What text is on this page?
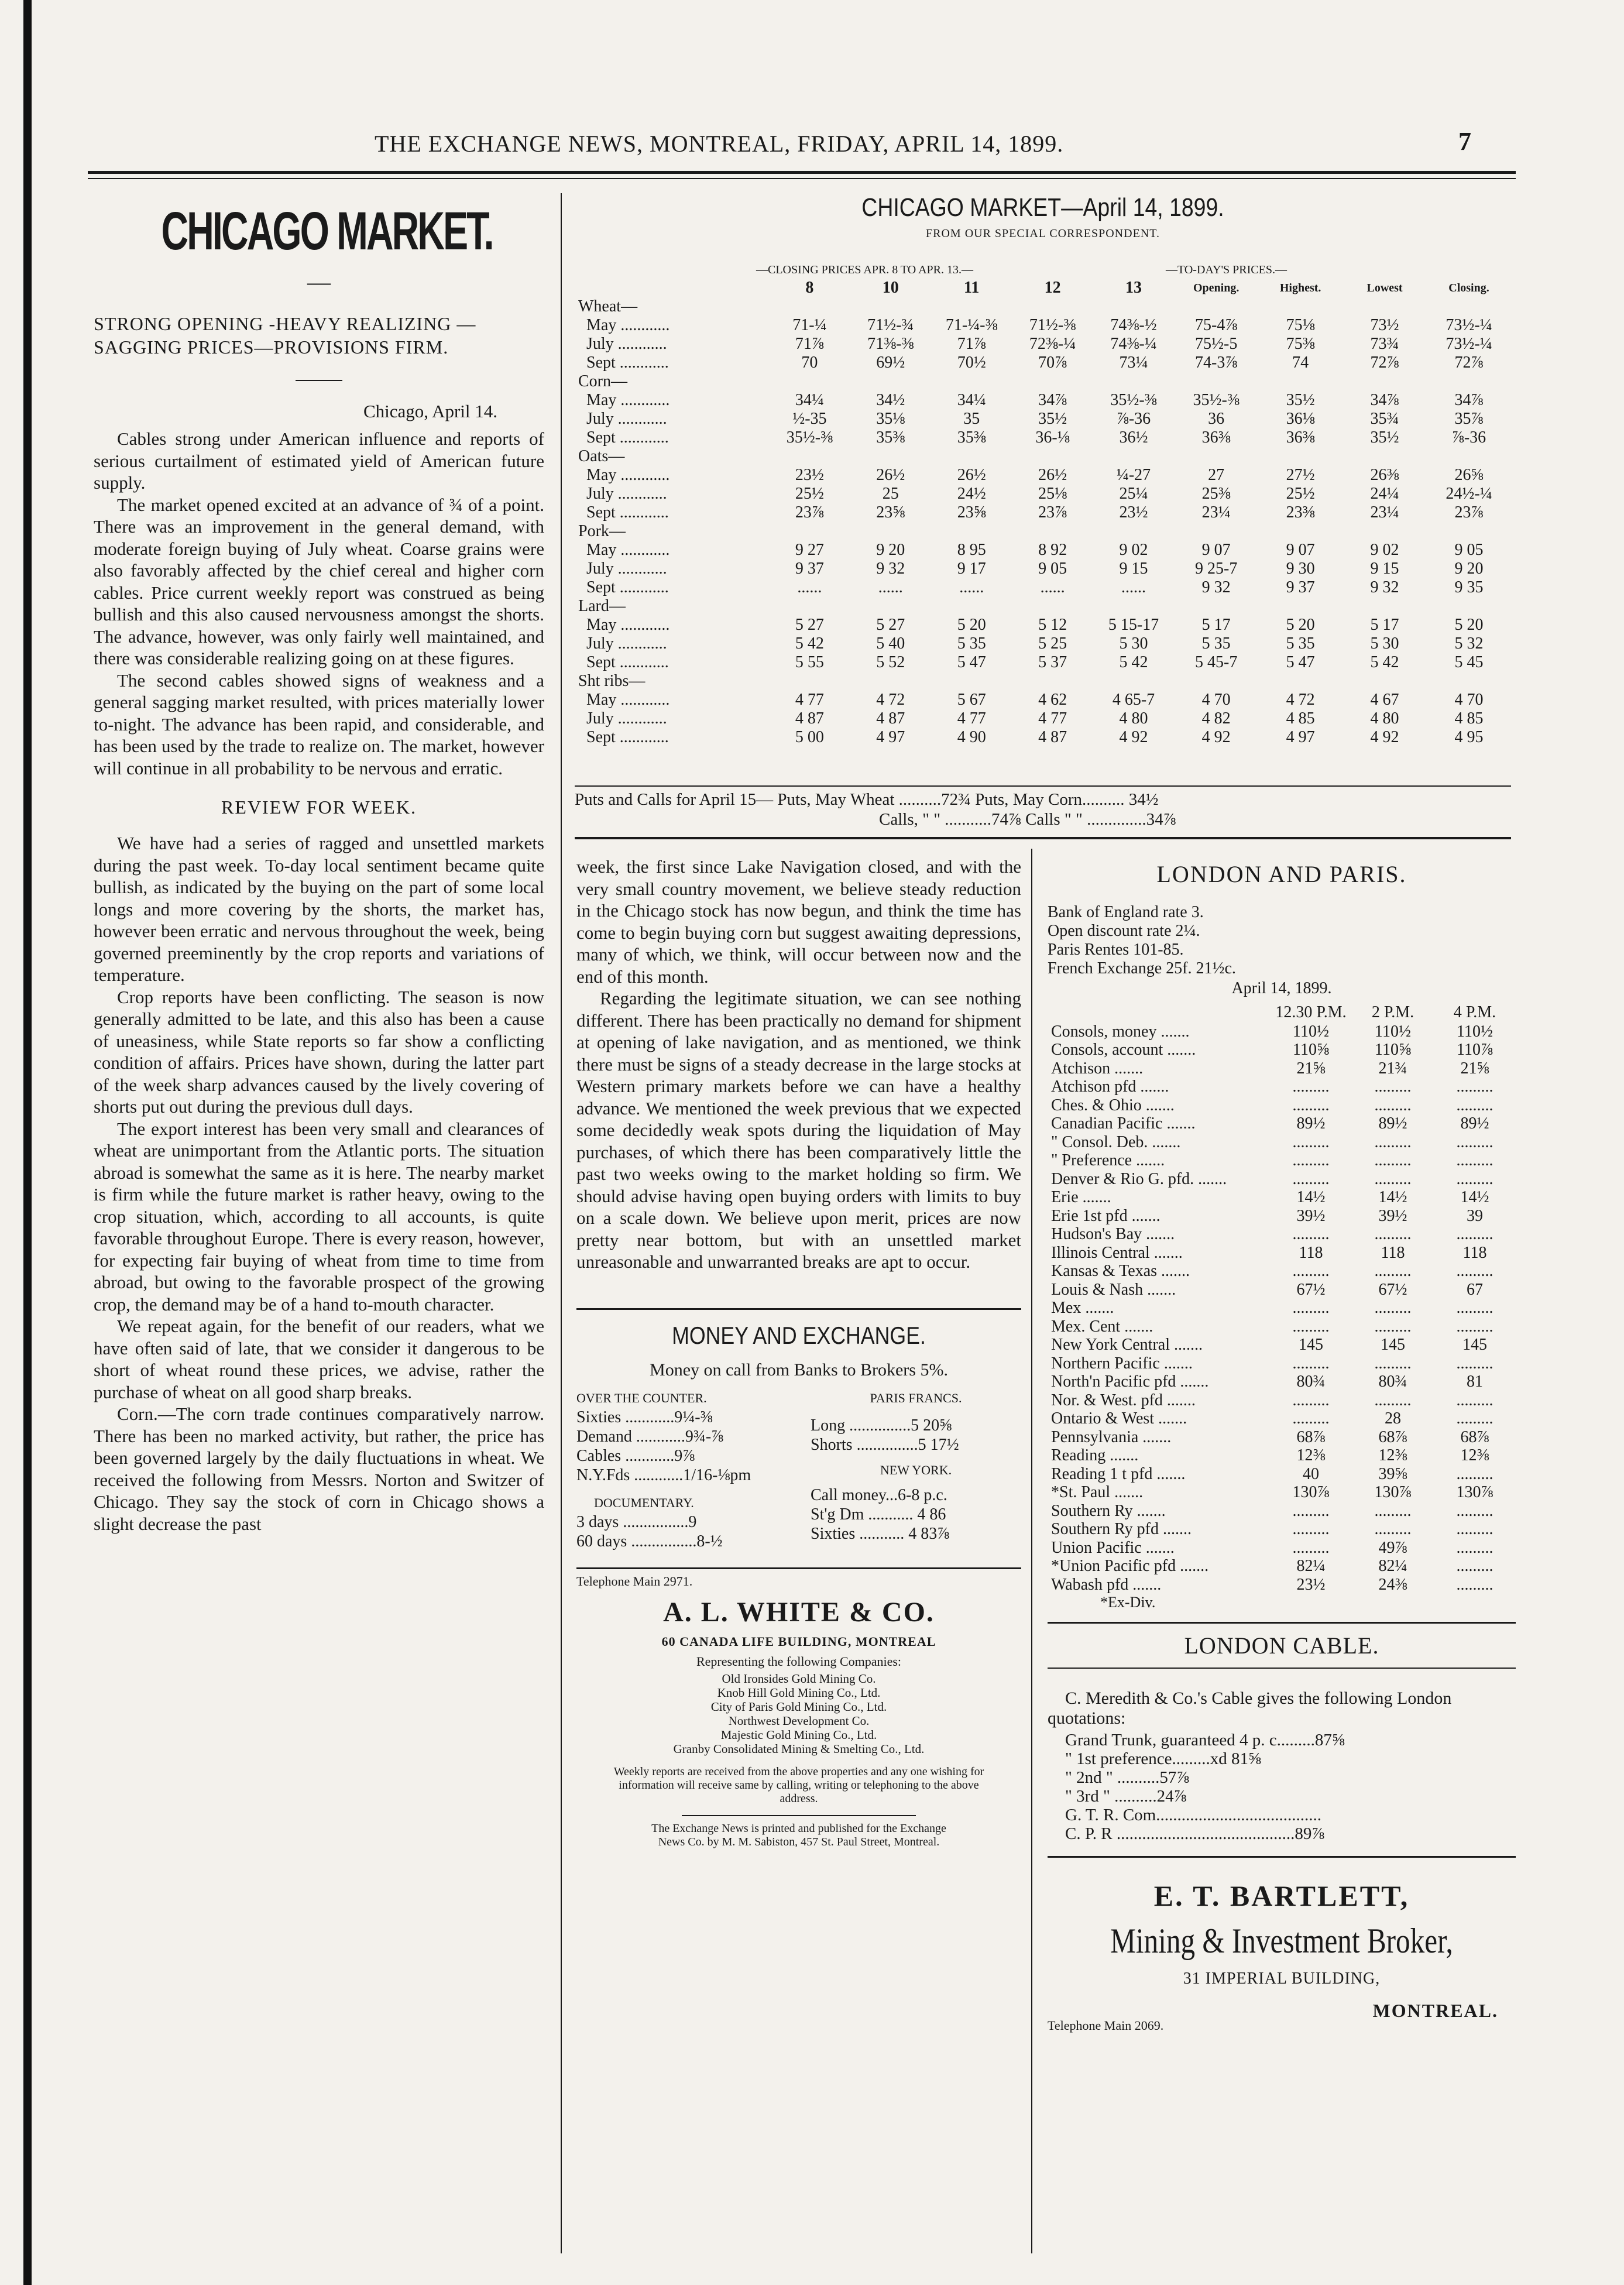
THE EXCHANGE NEWS, MONTREAL, FRIDAY, APRIL 14, 1899.	7
CHICAGO MARKET.
—
STRONG OPENING -HEAVY REALIZING — SAGGING PRICES—PROVISIONS FIRM.
Chicago, April 14.

Cables strong under American influence and reports of serious curtailment of estimated yield of American future supply.

The market opened excited at an advance of ¾ of a point. There was an improvement in the general demand, with moderate foreign buying of July wheat. Coarse grains were also favorably affected by the chief cereal and higher corn cables. Price current weekly report was construed as being bullish and this also caused nervousness amongst the shorts. The advance, however, was only fairly well maintained, and there was considerable realizing going on at these figures.

The second cables showed signs of weakness and a general sagging market resulted, with prices materially lower to-night. The advance has been rapid, and considerable, and has been used by the trade to realize on. The market, however will continue in all probability to be nervous and erratic.

REVIEW FOR WEEK.

We have had a series of ragged and unsettled markets during the past week. To-day local sentiment became quite bullish, as indicated by the buying on the part of some local longs and more covering by the shorts, the market has, however been erratic and nervous throughout the week, being governed preeminently by the crop reports and variations of temperature.

Crop reports have been conflicting. The season is now generally admitted to be late, and this also has been a cause of uneasiness, while State reports so far show a conflicting condition of affairs. Prices have shown, during the latter part of the week sharp advances caused by the lively covering of shorts put out during the previous dull days.

The export interest has been very small and clearances of wheat are unimportant from the Atlantic ports. The situation abroad is somewhat the same as it is here. The nearby market is firm while the future market is rather heavy, owing to the crop situation, which, according to all accounts, is quite favorable throughout Europe. There is every reason, however, for expecting fair buying of wheat from time to time from abroad, but owing to the favorable prospect of the growing crop, the demand may be of a hand to-mouth character.

We repeat again, for the benefit of our readers, what we have often said of late, that we consider it dangerous to be short of wheat round these prices, we advise, rather the purchase of wheat on all good sharp breaks.

Corn.—The corn trade continues comparatively narrow. There has been no marked activity, but rather, the price has been governed largely by the daily fluctuations in wheat. We received the following from Messrs. Norton and Switzer of Chicago. They say the stock of corn in Chicago shows a slight decrease the past

CHICAGO MARKET—April 14, 1899.
FROM OUR SPECIAL CORRESPONDENT.
—CLOSING PRICES APR. 8 TO APR. 13.—	—TO-DAY'S PRICES.—
	8	10	11	12	13	Opening.	Highest.	Lowest	Closing.
Wheat—									
May ............	71-¼	71½-¾	71-¼-⅜	71½-⅜	74⅜-½	75-4⅞	75⅛	73½	73½-¼
July ............	71⅞	71⅜-⅜	71⅞	72⅜-¼	74⅜-¼	75½-5	75⅜	73¾	73½-¼
Sept ............	70	69½	70½	70⅞	73¼	74-3⅞	74	72⅞	72⅞
Corn—									
May ............	34¼	34½	34¼	34⅞	35½-⅜	35½-⅜	35½	34⅞	34⅞
July ............	½-35	35⅛	35	35½	⅞-36	36	36⅛	35¾	35⅞
Sept ............	35½-⅜	35⅜	35⅜	36-⅛	36½	36⅜	36⅜	35½	⅞-36
Oats—									
May ............	23½	26½	26½	26½	¼-27	27	27½	26⅜	26⅝
July ............	25½	25	24½	25⅛	25¼	25⅜	25½	24¼	24½-¼
Sept ............	23⅞	23⅝	23⅝	23⅞	23½	23¼	23⅜	23¼	23⅞
Pork—									
May ............	9 27	9 20	8 95	8 92	9 02	9 07	9 07	9 02	9 05
July ............	9 37	9 32	9 17	9 05	9 15	9 25-7	9 30	9 15	9 20
Sept ............	......	......	......	......	......	9 32	9 37	9 32	9 35
Lard—									
May ............	5 27	5 27	5 20	5 12	5 15-17	5 17	5 20	5 17	5 20
July ............	5 42	5 40	5 35	5 25	5 30	5 35	5 35	5 30	5 32
Sept ............	5 55	5 52	5 47	5 37	5 42	5 45-7	5 47	5 42	5 45
Sht ribs—									
May ............	4 77	4 72	5 67	4 62	4 65-7	4 70	4 72	4 67	4 70
July ............	4 87	4 87	4 77	4 77	4 80	4 82	4 85	4 80	4 85
Sept ............	5 00	4 97	4 90	4 87	4 92	4 92	4 97	4 92	4 95
Puts and Calls for April 15— Puts, May Wheat ..........72¾ Puts, May Corn.......... 34½
Calls, " " ...........74⅞ Calls " " ..............34⅞

week, the first since Lake Navigation closed, and with the very small country movement, we believe steady reduction in the Chicago stock has now begun, and think the time has come to begin buying corn but suggest awaiting depressions, many of which, we think, will occur between now and the end of this month.

Regarding the legitimate situation, we can see nothing different. There has been practically no demand for shipment at opening of lake navigation, and as mentioned, we think there must be signs of a steady decrease in the large stocks at Western primary markets before we can have a healthy advance. We mentioned the week previous that we expected some decidedly weak spots during the liquidation of May purchases, of which there has been comparatively little the past two weeks owing to the market holding so firm. We should advise having open buying orders with limits to buy on a scale down. We believe upon merit, prices are now pretty near bottom, but with an unsettled market unreasonable and unwarranted breaks are apt to occur.

MONEY AND EXCHANGE.
Money on call from Banks to Brokers 5%.
OVER THE COUNTER.
Sixties ............9¼-⅜
Demand ............9¾-⅞
Cables ............9⅞
N.Y.Fds ............1/16-⅛pm
DOCUMENTARY.
3 days ................9
60 days ................8-½
PARIS FRANCS.
Long ...............5 20⅝
Shorts ...............5 17½
NEW YORK.
Call money...6-8 p.c.
St'g Dm ........... 4 86
Sixties ........... 4 83⅞
Telephone Main 2971.
A. L. WHITE & CO.
60 CANADA LIFE BUILDING, MONTREAL
Representing the following Companies:
Old Ironsides Gold Mining Co.
Knob Hill Gold Mining Co., Ltd.
City of Paris Gold Mining Co., Ltd.
Northwest Development Co.
Majestic Gold Mining Co., Ltd.
Granby Consolidated Mining & Smelting Co., Ltd.
Weekly reports are received from the above properties and any one wishing for information will receive same by calling, writing or telephoning to the above address.
The Exchange News is printed and published for the Exchange News Co. by M. M. Sabiston, 457 St. Paul Street, Montreal.
LONDON AND PARIS.
Bank of England rate 3.
Open discount rate 2¼.
Paris Rentes 101-85.
French Exchange 25f. 21½c.
April 14, 1899.
	12.30 P.M.	2 P.M.	4 P.M.
Consols, money .......	110½	110½	110½
Consols, account .......	110⅝	110⅝	110⅞
Atchison .......	21⅝	21¾	21⅝
Atchison pfd .......	.........	.........	.........
Ches. & Ohio .......	.........	.........	.........
Canadian Pacific .......	89½	89½	89½
" Consol. Deb. .......	.........	.........	.........
" Preference .......	.........	.........	.........
Denver & Rio G. pfd. .......	.........	.........	.........
Erie .......	14½	14½	14½
Erie 1st pfd .......	39½	39½	39
Hudson's Bay .......	.........	.........	.........
Illinois Central .......	118	118	118
Kansas & Texas .......	.........	.........	.........
Louis & Nash .......	67½	67½	67
Mex .......	.........	.........	.........
Mex. Cent .......	.........	.........	.........
New York Central .......	145	145	145
Northern Pacific .......	.........	.........	.........
North'n Pacific pfd .......	80¾	80¾	81
Nor. & West. pfd .......	.........	.........	.........
Ontario & West .......	.........	28	.........
Pennsylvania .......	68⅞	68⅞	68⅞
Reading .......	12⅜	12⅜	12⅜
Reading 1 t pfd .......	40	39⅝	.........
*St. Paul .......	130⅞	130⅞	130⅞
Southern Ry .......	.........	.........	.........
Southern Ry pfd .......	.........	.........	.........
Union Pacific .......	.........	49⅞	.........
*Union Pacific pfd .......	82¼	82¼	.........
Wabash pfd .......	23½	24⅜	.........
*Ex-Div.
LONDON CABLE.
C. Meredith & Co.'s Cable gives the following London quotations:
Grand Trunk, guaranteed 4 p. c.........87⅝
" 1st preference.........xd 81⅝
" 2nd " ..........57⅞
" 3rd " ..........24⅞
G. T. R. Com.......................................
C. P. R ..........................................89⅞
E. T. BARTLETT,
Mining & Investment Broker,
31 IMPERIAL BUILDING,
MONTREAL.
Telephone Main 2069.
